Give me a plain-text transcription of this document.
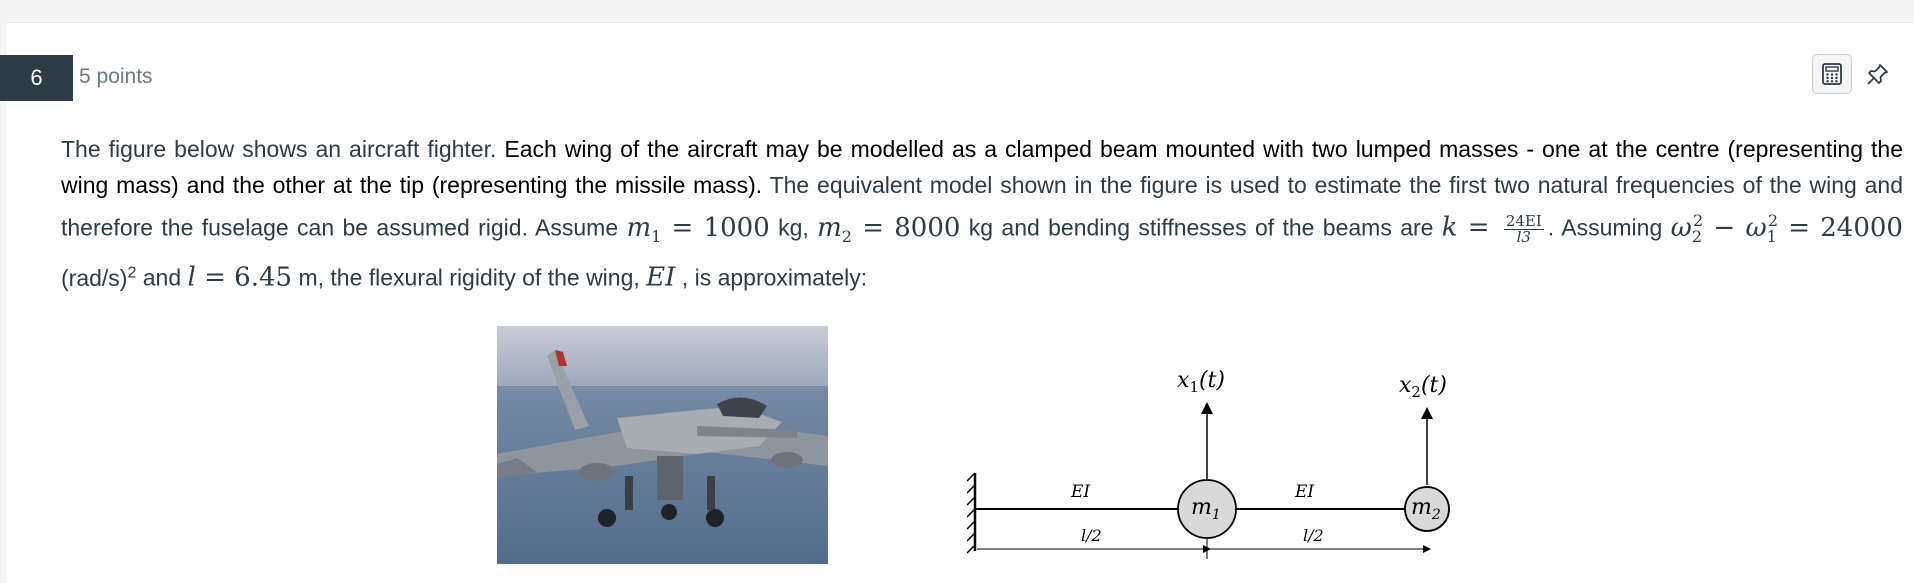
6	5 points
The figure below shows an aircraft fighter. Each wing of the aircraft may be modelled as a clamped beam mounted with two lumped masses - one at the centre (representing the wing mass) and the other at the tip (representing the missile mass). The equivalent model shown in the figure is used to estimate the first two natural frequencies of the wing and therefore the fuselage can be assumed rigid. Assume $m_1 = 1000$ kg, $m_2 = 8000$ kg and bending stiffnesses of the beams are $k = \frac{24EI}{l3}$ . Assuming $\omega_2^2 - \omega_1^2 = 24000$ $(rad/s)^2$ and l = 6.45 m, the flexural rigidity of the wing, EI , is approximately:
$x_1(t)$	$x_2(t)$
$m_1$	$m_2$
EI	EI
l/2	l/2
